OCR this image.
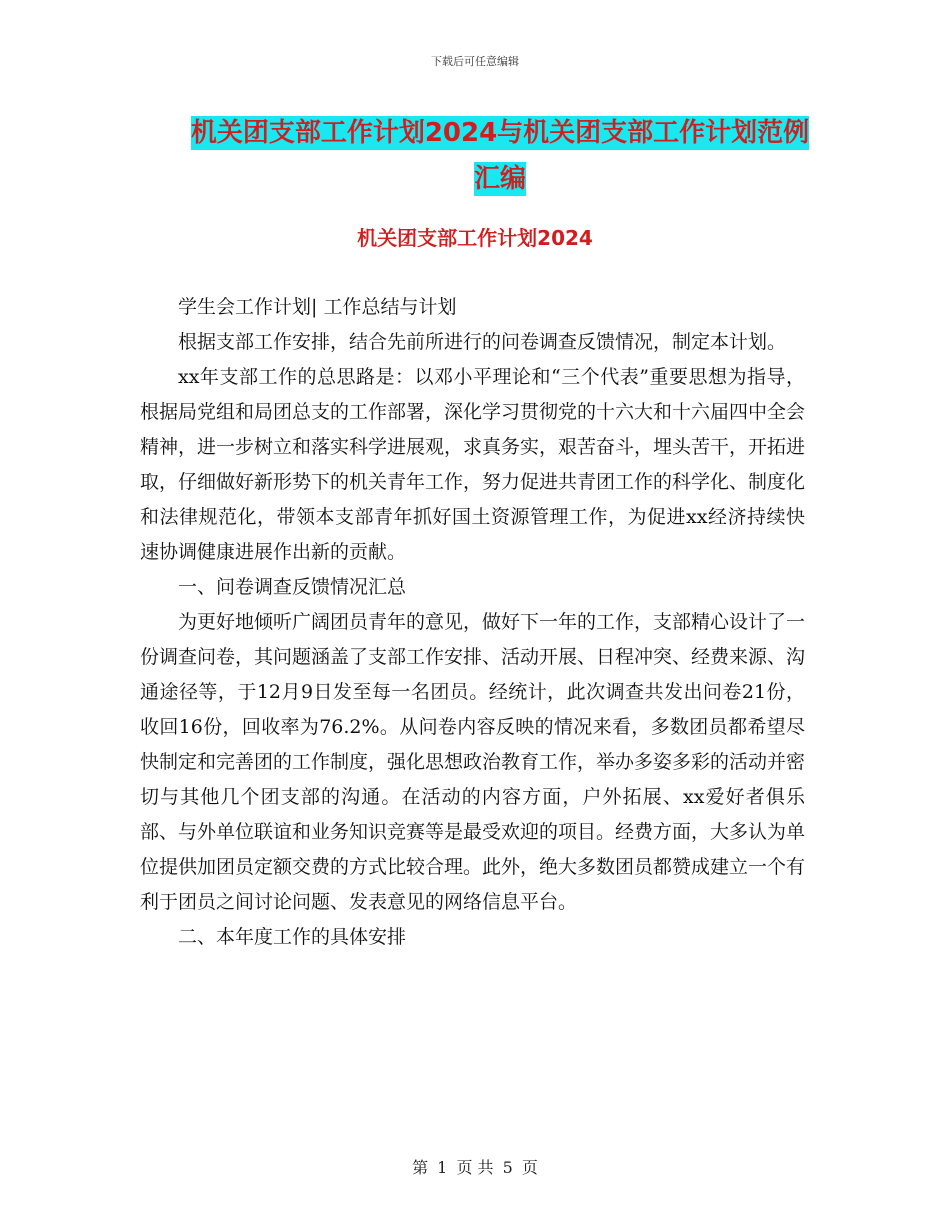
下载后可任意编辑
机关团支部工作计划2024与机关团支部工作计划范例
汇编
机关团支部工作计划2024

学生会工作计划| 工作总结与计划

根据支部工作安排，结合先前所进行的问卷调查反馈情况，制定本计划。

xx年支部工作的总思路是：以邓小平理论和“三个代表”重要思想为指导，根据局党组和局团总支的工作部署，深化学习贯彻党的十六大和十六届四中全会精神，进一步树立和落实科学进展观，求真务实，艰苦奋斗，埋头苦干，开拓进取，仔细做好新形势下的机关青年工作，努力促进共青团工作的科学化、制度化和法律规范化，带领本支部青年抓好国土资源管理工作，为促进xx经济持续快速协调健康进展作出新的贡献。

一、问卷调查反馈情况汇总

为更好地倾听广阔团员青年的意见，做好下一年的工作，支部精心设计了一份调查问卷，其问题涵盖了支部工作安排、活动开展、日程冲突、经费来源、沟通途径等，于12月9日发至每一名团员。经统计，此次调查共发出问卷21份，收回16份，回收率为76.2%。从问卷内容反映的情况来看，多数团员都希望尽快制定和完善团的工作制度，强化思想政治教育工作，举办多姿多彩的活动并密切与其他几个团支部的沟通。在活动的内容方面，户外拓展、xx爱好者俱乐部、与外单位联谊和业务知识竞赛等是最受欢迎的项目。经费方面，大多认为单位提供加团员定额交费的方式比较合理。此外，绝大多数团员都赞成建立一个有利于团员之间讨论问题、发表意见的网络信息平台。

二、本年度工作的具体安排

第 1 页 共 5 页
